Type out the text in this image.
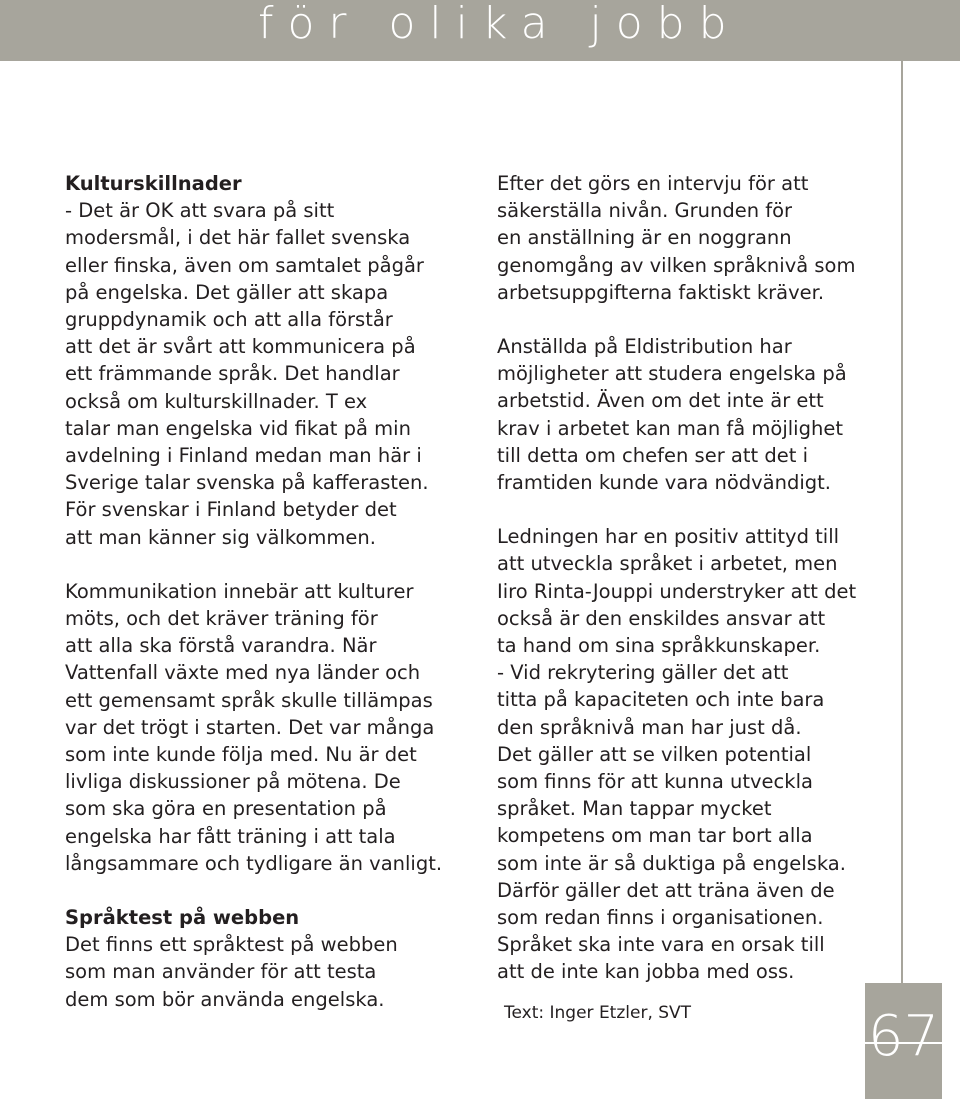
för olika jobb
Kulturskillnader
- Det är OK att svara på sitt
modersmål, i det här fallet svenska
eller finska, även om samtalet pågår
på engelska. Det gäller att skapa
gruppdynamik och att alla förstår
att det är svårt att kommunicera på
ett främmande språk. Det handlar
också om kulturskillnader. T ex
talar man engelska vid fikat på min
avdelning i Finland medan man här i
Sverige talar svenska på kafferasten.
För svenskar i Finland betyder det
att man känner sig välkommen.
Kommunikation innebär att kulturer
möts, och det kräver träning för
att alla ska förstå varandra. När
Vattenfall växte med nya länder och
ett gemensamt språk skulle tillämpas
var det trögt i starten. Det var många
som inte kunde följa med. Nu är det
livliga diskussioner på mötena. De
som ska göra en presentation på
engelska har fått träning i att tala
långsammare och tydligare än vanligt.
Språktest på webben
Det finns ett språktest på webben
som man använder för att testa
dem som bör använda engelska.
Efter det görs en intervju för att
säkerställa nivån. Grunden för
en anställning är en noggrann
genomgång av vilken språknivå som
arbetsuppgifterna faktiskt kräver.
Anställda på Eldistribution har
möjligheter att studera engelska på
arbetstid. Även om det inte är ett
krav i arbetet kan man få möjlighet
till detta om chefen ser att det i
framtiden kunde vara nödvändigt.
Ledningen har en positiv attityd till
att utveckla språket i arbetet, men
Iiro Rinta-Jouppi understryker att det
också är den enskildes ansvar att
ta hand om sina språkkunskaper.
- Vid rekrytering gäller det att
titta på kapaciteten och inte bara
den språknivå man har just då.
Det gäller att se vilken potential
som finns för att kunna utveckla
språket. Man tappar mycket
kompetens om man tar bort alla
som inte är så duktiga på engelska.
Därför gäller det att träna även de
som redan finns i organisationen.
Språket ska inte vara en orsak till
att de inte kan jobba med oss.
Text: Inger Etzler, SVT	67
